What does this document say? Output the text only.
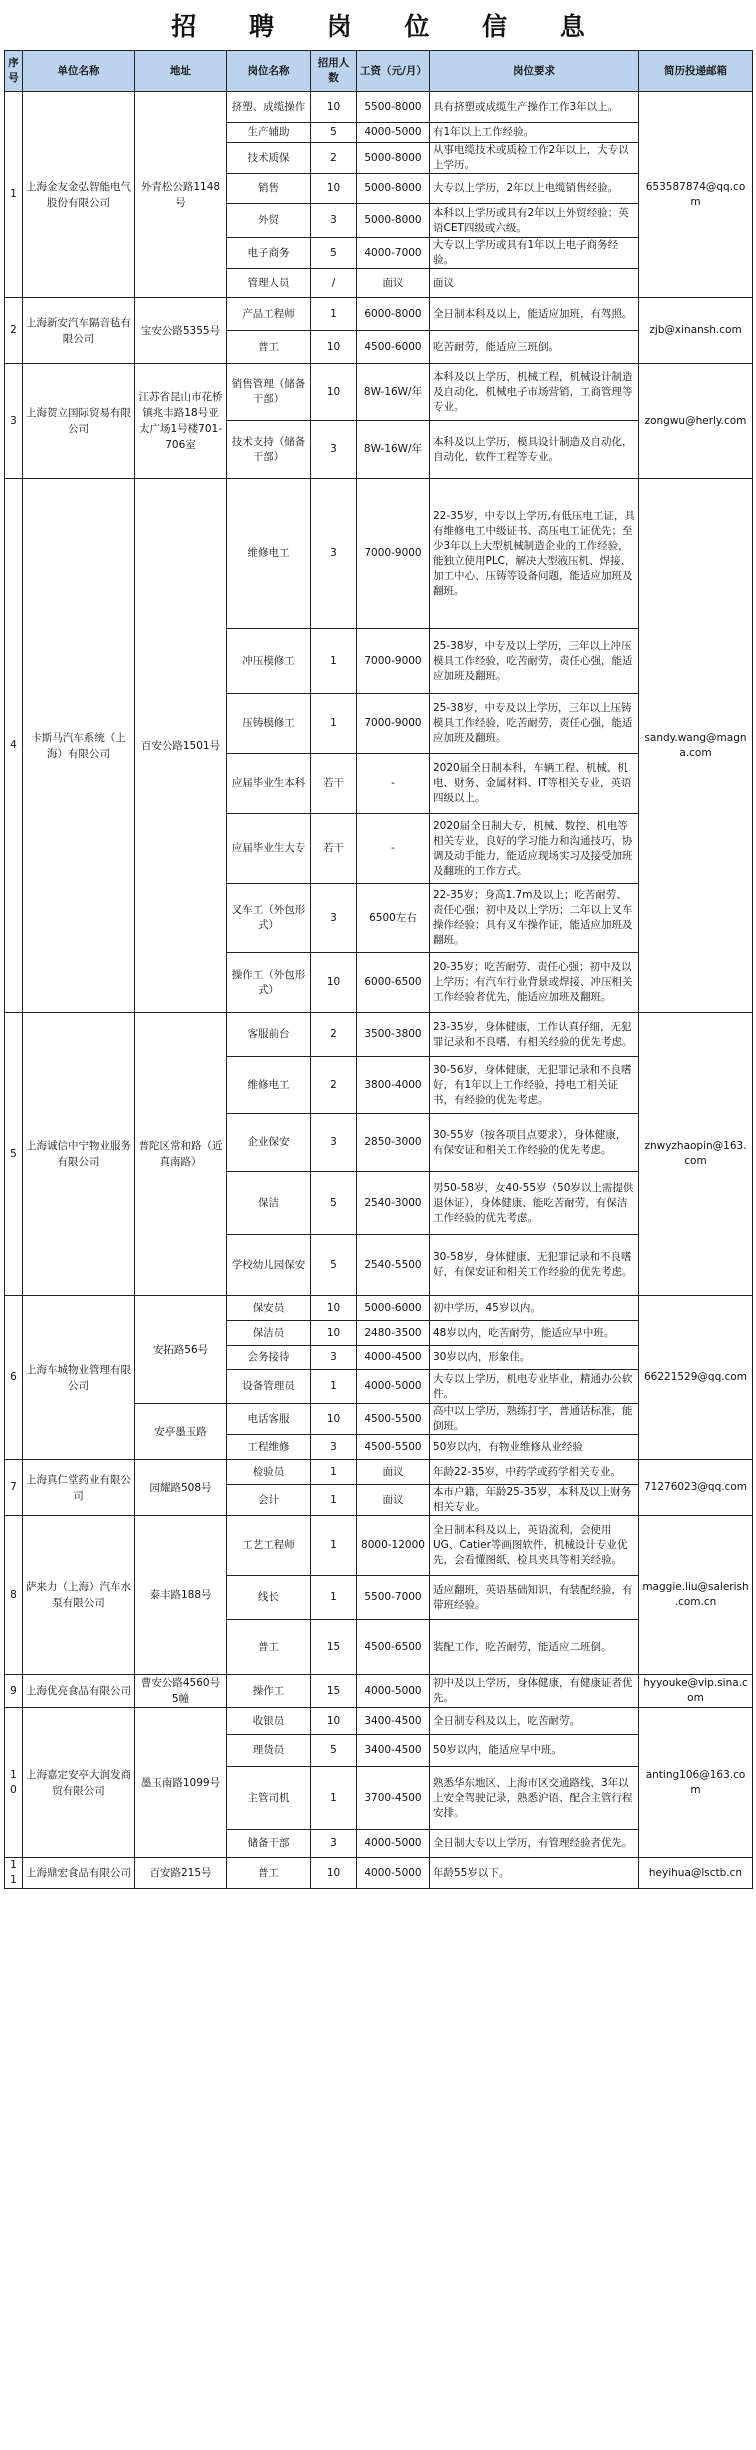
招 聘 岗 位 信 息
序号	单位名称	地址	岗位名称	招用人数	工资（元/月）	岗位要求	简历投递邮箱
1	上海金友金弘智能电气股份有限公司	外青松公路1148号	挤塑、成缆操作	10	5500-8000	具有挤塑或成缆生产操作工作3年以上。	653587874@qq.com
			生产辅助	5	4000-5000	有1年以上工作经验。	
			技术质保	2	5000-8000	从事电缆技术或质检工作2年以上，大专以上学历。	
			销售	10	5000-8000	大专以上学历，2年以上电缆销售经验。	
			外贸	3	5000-8000	本科以上学历或具有2年以上外贸经验；英语CET四级或六级。	
			电子商务	5	4000-7000	大专以上学历或具有1年以上电子商务经验。	
			管理人员	/	面议	面议	
2	上海新安汽车隔音毡有限公司	宝安公路5355号	产品工程师	1	6000-8000	全日制本科及以上，能适应加班，有驾照。	zjb@xinansh.com
			普工	10	4500-6000	吃苦耐劳，能适应三班倒。	
3	上海贺立国际贸易有限公司	江苏省昆山市花桥镇兆丰路18号亚太广场1号楼701-706室	销售管理（储备干部）	10	8W-16W/年	本科及以上学历，机械工程，机械设计制造及自动化，机械电子市场营销，工商管理等专业。	zongwu@herly.com
			技术支持（储备干部）	3	8W-16W/年	本科及以上学历，模具设计制造及自动化，自动化，软件工程等专业。	
4	卡斯马汽车系统（上海）有限公司	百安公路1501号	维修电工	3	7000-9000	22-35岁，中专以上学历,有低压电工证，具有维修电工中级证书、高压电工证优先；至少3年以上大型机械制造企业的工作经验，能独立使用PLC，解决大型液压机、焊接、加工中心、压铸等设备问题，能适应加班及翻班。	sandy.wang@magna.com
			冲压模修工	1	7000-9000	25-38岁，中专及以上学历，三年以上冲压模具工作经验，吃苦耐劳，责任心强，能适应加班及翻班。	
			压铸模修工	1	7000-9000	25-38岁，中专及以上学历，三年以上压铸模具工作经验，吃苦耐劳，责任心强，能适应加班及翻班。	
			应届毕业生本科	若干	-	2020届全日制本科，车辆工程、机械、机电、财务、金属材料、IT等相关专业，英语四级以上。	
			应届毕业生大专	若干	-	2020届全日制大专，机械、数控、机电等相关专业，良好的学习能力和沟通技巧，协调及动手能力，能适应现场实习及接受加班及翻班的工作方式。	
			叉车工（外包形式）	3	6500左右	22-35岁；身高1.7m及以上；吃苦耐劳、责任心强；初中及以上学历；二年以上叉车操作经验；具有叉车操作证，能适应加班及翻班。	
			操作工（外包形式）	10	6000-6500	20-35岁；吃苦耐劳、责任心强；初中及以上学历；有汽车行业背景或焊接、冲压相关工作经验者优先，能适应加班及翻班。	
5	上海诚信中宁物业服务有限公司	普陀区常和路（近真南路）	客服前台	2	3500-3800	23-35岁，身体健康，工作认真仔细，无犯罪记录和不良嗜，有相关经验的优先考虑。	znwyzhaopin@163.com
			维修电工	2	3800-4000	30-56岁，身体健康，无犯罪记录和不良嗜好，有1年以上工作经验，持电工相关证书，有经验的优先考虑。	
			企业保安	3	2850-3000	30-55岁（按各项目点要求），身体健康，有保安证和相关工作经验的优先考虑。	
			保洁	5	2540-3000	男50-58岁，女40-55岁（50岁以上需提供退休证），身体健康、能吃苦耐劳，有保洁工作经验的优先考虑。	
			学校幼儿园保安	5	2540-5500	30-58岁，身体健康、无犯罪记录和不良嗜好，有保安证和相关工作经验的优先考虑。	
6	上海车城物业管理有限公司	安拓路56号	保安员	10	5000-6000	初中学历，45岁以内。	66221529@qq.com
			保洁员	10	2480-3500	48岁以内，吃苦耐劳，能适应早中班。	
			会务接待	3	4000-4500	30岁以内，形象佳。	
			设备管理员	1	4000-5000	大专以上学历，机电专业毕业，精通办公软件。	
		安亭墨玉路	电话客服	10	4500-5500	高中以上学历，熟练打字，普通话标准，能倒班。	
			工程维修	3	4500-5500	50岁以内，有物业维修从业经验	
7	上海真仁堂药业有限公司	园耀路508号	检验员	1	面议	年龄22-35岁，中药学或药学相关专业。	71276023@qq.com
			会计	1	面议	本市户籍，年龄25-35岁，本科及以上财务相关专业。	
8	萨来力（上海）汽车水泵有限公司	泰丰路188号	工艺工程师	1	8000-12000	全日制本科及以上，英语流利，会使用UG、Catier等画图软件，机械设计专业优先，会看懂图纸，检具夹具等相关经验。	maggie.liu@salerish.com.cn
			线长	1	5500-7000	适应翻班，英语基础知识，有装配经验，有带班经验。	
			普工	15	4500-6500	装配工作，吃苦耐劳，能适应二班倒。	
9	上海优亮食品有限公司	曹安公路4560号5幢	操作工	15	4000-5000	初中及以上学历，身体健康，有健康证者优先。	hyyouke@vip.sina.com
10	上海嘉定安亭大润发商贸有限公司	墨玉南路1099号	收银员	10	3400-4500	全日制专科及以上，吃苦耐劳。	anting106@163.com
			理货员	5	3400-4500	50岁以内，能适应早中班。	
			主管司机	1	3700-4500	熟悉华东地区、上海市区交通路线，3年以上安全驾驶记录，熟悉沪语、配合主管行程安排。	
			储备干部	3	4000-5000	全日制大专以上学历，有管理经验者优先。	
11	上海鼎宏食品有限公司	百安路215号	普工	10	4000-5000	年龄55岁以下。	heyihua@lsctb.cn
